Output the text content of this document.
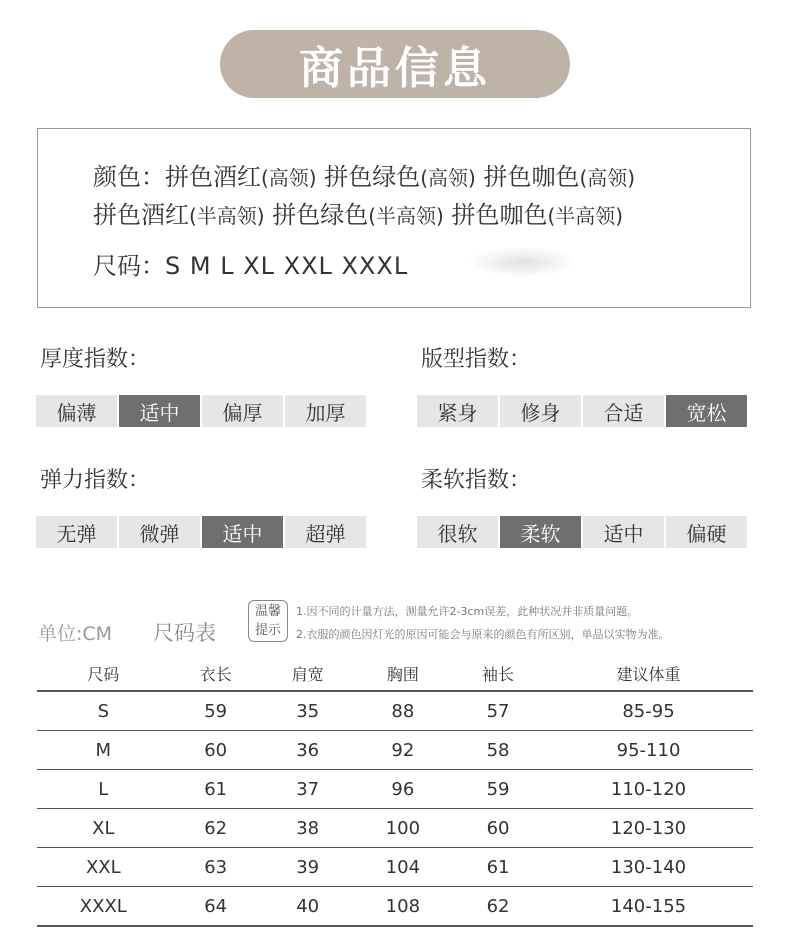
商品信息
颜色：拼色酒红(高领) 拼色绿色(高领) 拼色咖色(高领)
拼色酒红(半高领) 拼色绿色(半高领) 拼色咖色(半高领)
尺码：S M L XL XXL XXXL
厚度指数：
偏薄	适中	偏厚	加厚
版型指数：
紧身	修身	合适	宽松
弹力指数：
无弹	微弹	适中	超弹
柔软指数：
很软	柔软	适中	偏硬
单位:CM 尺码表
温馨
提示
1.因不同的计量方法，测量允许2-3cm误差，此种状况并非质量问题。
2.衣服的颜色因灯光的原因可能会与原来的颜色有所区别，单品以实物为准。
尺码	衣长	肩宽	胸围	袖长	建议体重
S	59	35	88	57	85-95
M	60	36	92	58	95-110
L	61	37	96	59	110-120
XL	62	38	100	60	120-130
XXL	63	39	104	61	130-140
XXXL	64	40	108	62	140-155
